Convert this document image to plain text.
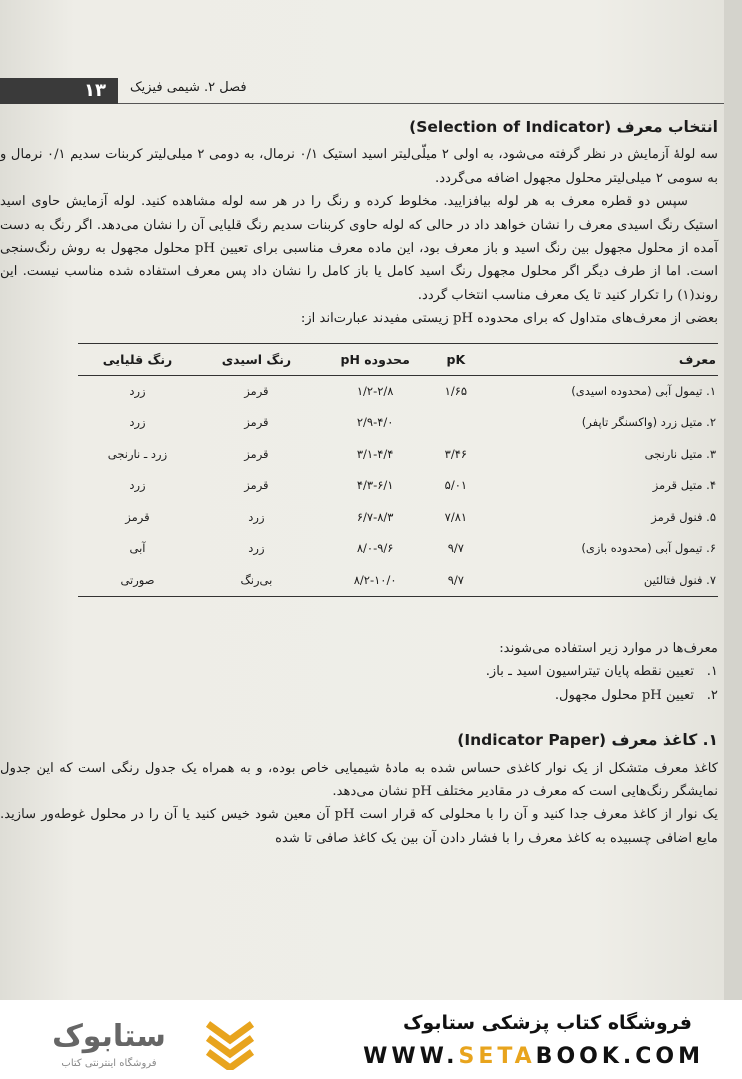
۱۳	فصل ۲. شیمی فیزیک
انتخاب معرف (Selection of Indicator)

سه لولهٔ آزمایش در نظر گرفته می‌شود، به اولی ۲ میلّی‌لیتر اسید استیک ۰/۱ نرمال، به دومی ۲ میلی‌لیتر کربنات سدیم ۰/۱ نرمال و به سومی ۲ میلی‌لیتر محلول مجهول اضافه می‌گردد.

سپس دو قطره معرف به هر لوله بیافزایید. مخلوط کرده و رنگ را در هر سه لوله مشاهده کنید. لوله آزمایش حاوی اسید استیک رنگ اسیدی معرف را نشان خواهد داد در حالی که لوله حاوی کربنات سدیم رنگ قلیایی آن را نشان می‌دهد. اگر رنگ به دست آمده از محلول مجهول بین رنگ اسید و باز معرف بود، این ماده معرف مناسبی برای تعیین pH محلول مجهول به روش رنگ‌سنجی است. اما از طرف دیگر اگر محلول مجهول رنگ اسید کامل یا باز کامل را نشان داد پس معرف استفاده شده مناسب نیست. این روند(۱) را تکرار کنید تا یک معرف مناسب انتخاب گردد.

بعضی از معرف‌های متداول که برای محدوده pH زیستی مفیدند عبارت‌اند از:

معرف	pK	محدوده pH	رنگ اسیدی	رنگ قلیایی
۱. تیمول آبی (محدوده اسیدی)	۱/۶۵	۱/۲-۲/۸	قرمز	زرد
۲. متیل زرد (واکسنگر تاپفر)		۲/۹-۴/۰	قرمز	زرد
۳. متیل نارنجی	۳/۴۶	۳/۱-۴/۴	قرمز	زرد ـ نارنجی
۴. متیل قرمز	۵/۰۱	۴/۳-۶/۱	قرمز	زرد
۵. فنول قرمز	۷/۸۱	۶/۷-۸/۳	زرد	قرمز
۶. تیمول آبی (محدوده بازی)	۹/۷	۸/۰-۹/۶	زرد	آبی
۷. فنول فتالئین	۹/۷	۸/۲-۱۰/۰	بی‌رنگ	صورتی

معرف‌ها در موارد زیر استفاده می‌شوند:

۱.
تعیین نقطه پایان تیتراسیون اسید ـ باز.
۲.
تعیین pH محلول مجهول.
۱. کاغذ معرف (Indicator Paper)

کاغذ معرف متشکل از یک نوار کاغذی حساس شده به مادهٔ شیمیایی خاص بوده، و به همراه یک جدول رنگی است که این جدول نمایشگر رنگ‌هایی است که معرف در مقادیر مختلف pH نشان می‌دهد.

یک نوار از کاغذ معرف جدا کنید و آن را با محلولی که قرار است pH آن معین شود خیس کنید یا آن را در محلول غوطه‌ور سازید. مایع اضافی چسبیده به کاغذ معرف را با فشار دادن آن بین یک کاغذ صافی تا شده

ستابوک
فروشگاه اینترنتی کتاب
فروشگاه کتاب پزشکی ستابوک
WWW.SETABOOK.COM
